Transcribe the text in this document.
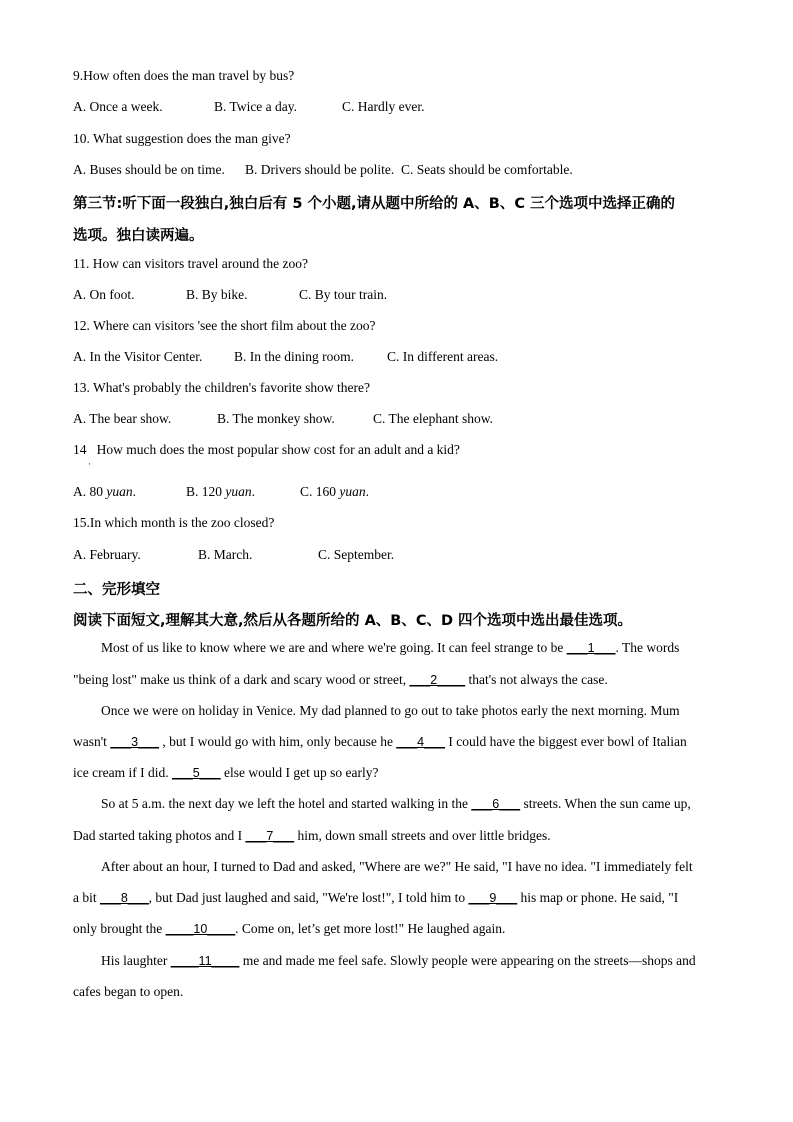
9.How often does the man travel by bus?
A. Once a week.	B. Twice a day.	C. Hardly ever.
10. What suggestion does the man give?
A. Buses should be on time. B. Drivers should be polite. C. Seats should be comfortable.
第三节:听下面一段独白,独白后有 5 个小题,请从题中所给的 A、B、C 三个选项中选择正确的
选项。独白读两遍。
11. How can visitors travel around the zoo?
A. On foot.	B. By bike.	C. By tour train.
12. Where can visitors 'see the short film about the zoo?
A. In the Visitor Center. B. In the dining room. C. In different areas.
13. What's probably the children's favorite show there?
A. The bear show.	B. The monkey show.	C. The elephant show.
14   How much does the most popular show cost for an adult and a kid?
·
A. 80 yuan.	B. 120 yuan.	C. 160 yuan.
15.In which month is the zoo closed?
A. February.	B. March.	C. September.
二、完形填空
阅读下面短文,理解其大意,然后从各题所给的 A、B、C、D 四个选项中选出最佳选项。
Most of us like to know where we are and where we're going. It can feel strange to be ___1___. The words
"being lost" make us think of a dark and scary wood or street, ___2____ that's not always the case.
Once we were on holiday in Venice. My dad planned to go out to take photos early the next morning. Mum
wasn't ___3___ , but I would go with him, only because he ___4___ I could have the biggest ever bowl of Italian
ice cream if I did. ___5___ else would I get up so early?
So at 5 a.m. the next day we left the hotel and started walking in the ___6___ streets. When the sun came up,
Dad started taking photos and I ___7___ him, down small streets and over little bridges.
After about an hour, I turned to Dad and asked, "Where are we?" He said, "I have no idea. "I immediately felt
a bit ___8___, but Dad just laughed and said, "We're lost!", I told him to ___9___ his map or phone. He said, "I
only brought the ____10____. Come on, let’s get more lost!" He laughed again.
His laughter ____11____ me and made me feel safe. Slowly people were appearing on the streets—shops and
cafes began to open.
